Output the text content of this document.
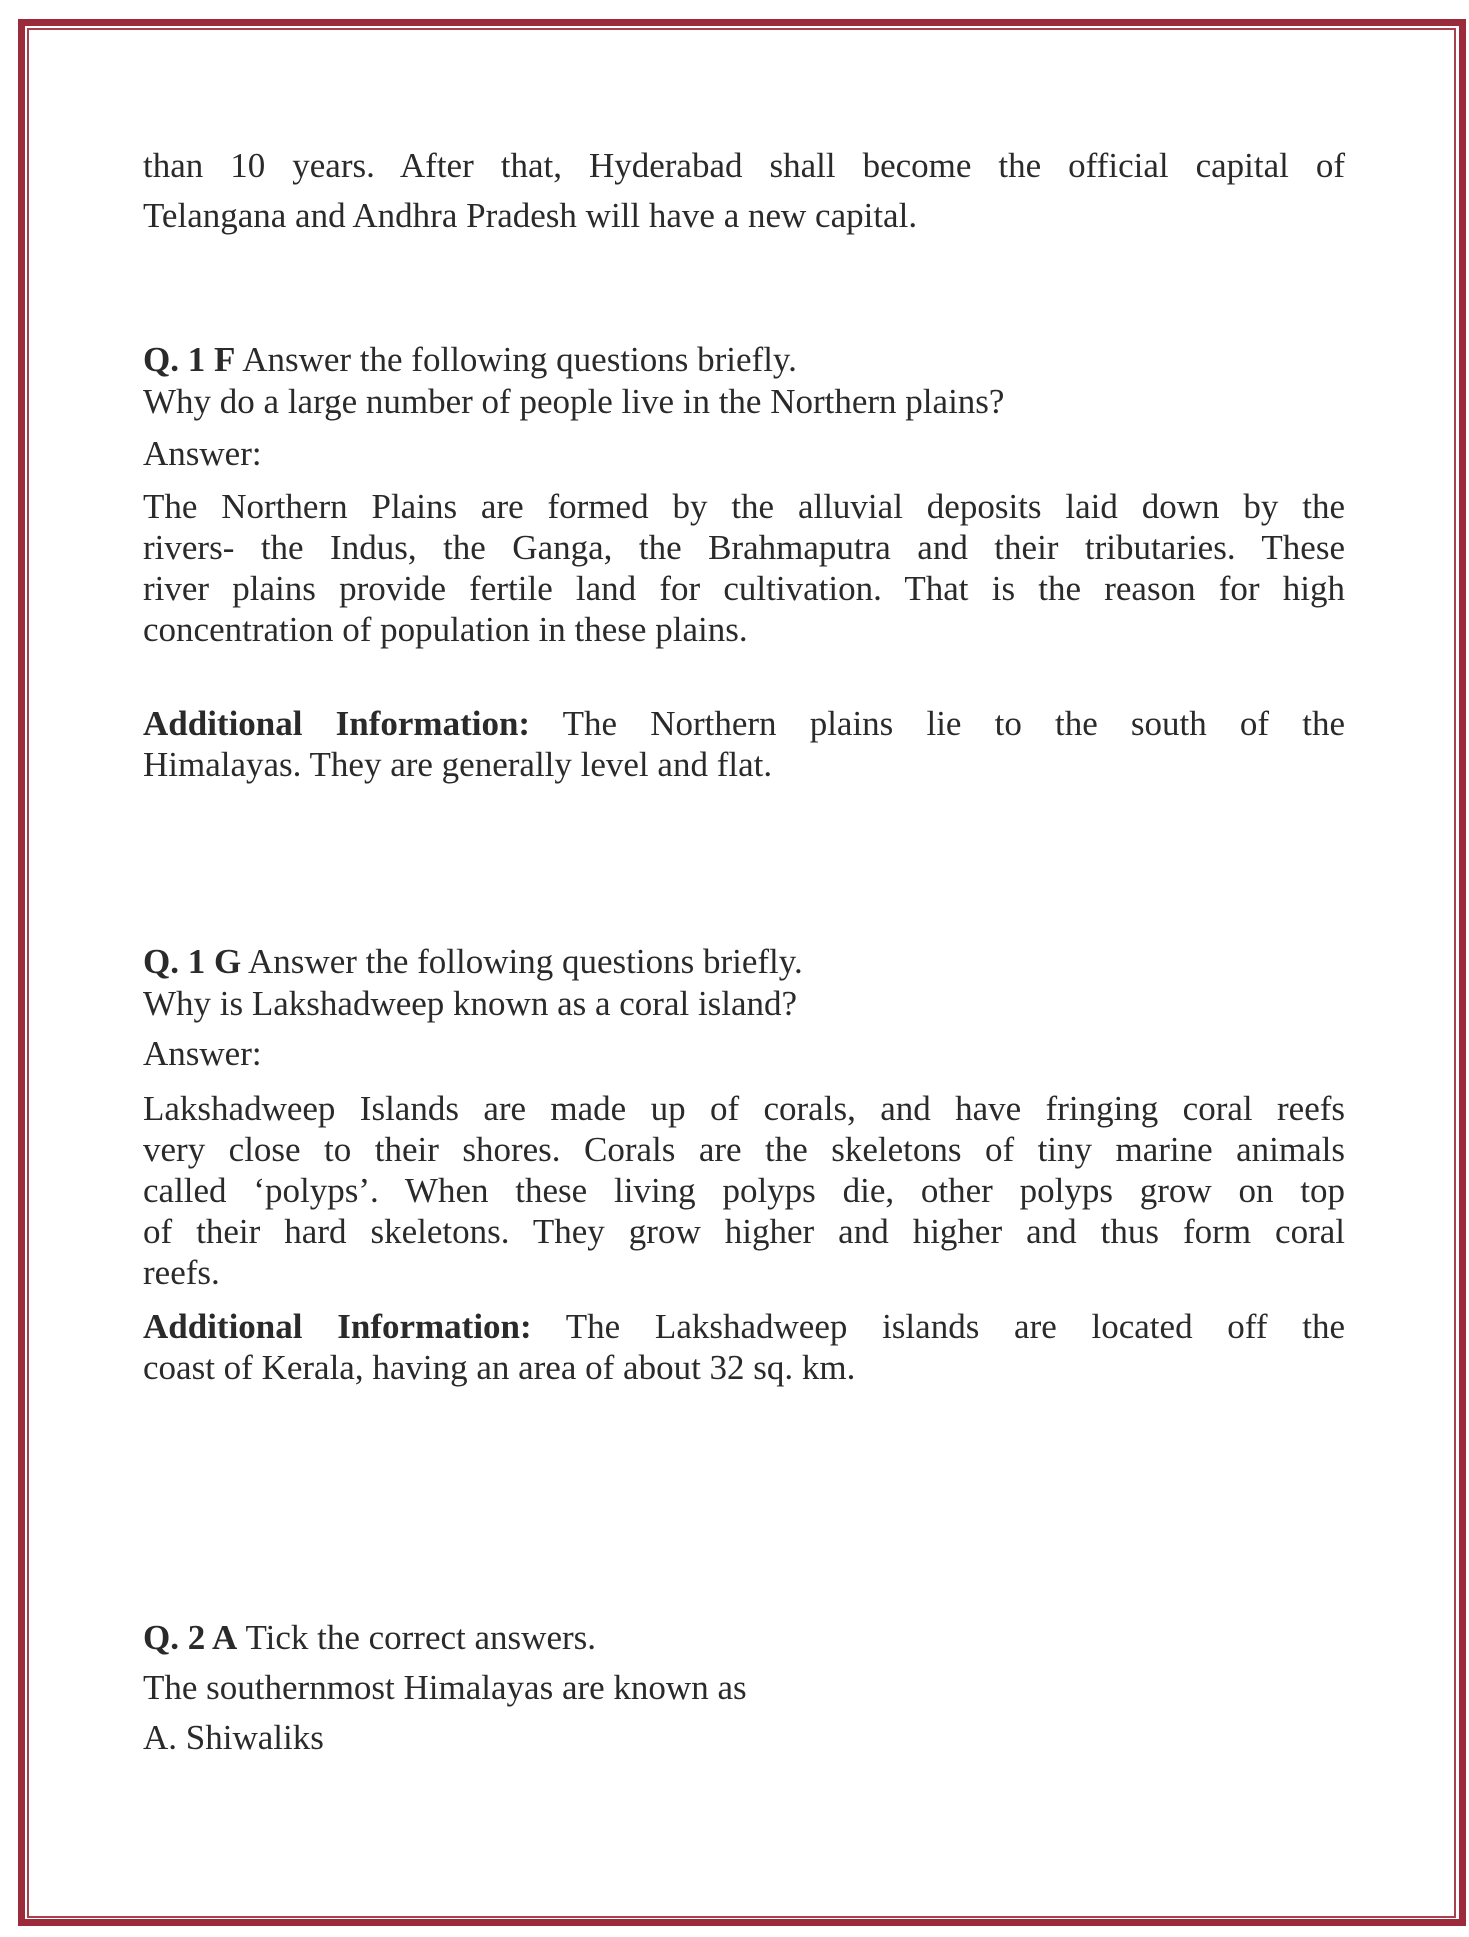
than 10 years. After that, Hyderabad shall become the official capital of
Telangana and Andhra Pradesh will have a new capital.
Q. 1 F Answer the following questions briefly.
Why do a large number of people live in the Northern plains?
Answer:
The Northern Plains are formed by the alluvial deposits laid down by the
rivers- the Indus, the Ganga, the Brahmaputra and their tributaries. These
river plains provide fertile land for cultivation. That is the reason for high
concentration of population in these plains.
Additional Information: The Northern plains lie to the south of the
Himalayas. They are generally level and flat.
Q. 1 G Answer the following questions briefly.
Why is Lakshadweep known as a coral island?
Answer:
Lakshadweep Islands are made up of corals, and have fringing coral reefs
very close to their shores. Corals are the skeletons of tiny marine animals
called ‘polyps’. When these living polyps die, other polyps grow on top
of their hard skeletons. They grow higher and higher and thus form coral
reefs.
Additional Information: The Lakshadweep islands are located off the
coast of Kerala, having an area of about 32 sq. km.
Q. 2 A Tick the correct answers.
The southernmost Himalayas are known as
A. Shiwaliks
